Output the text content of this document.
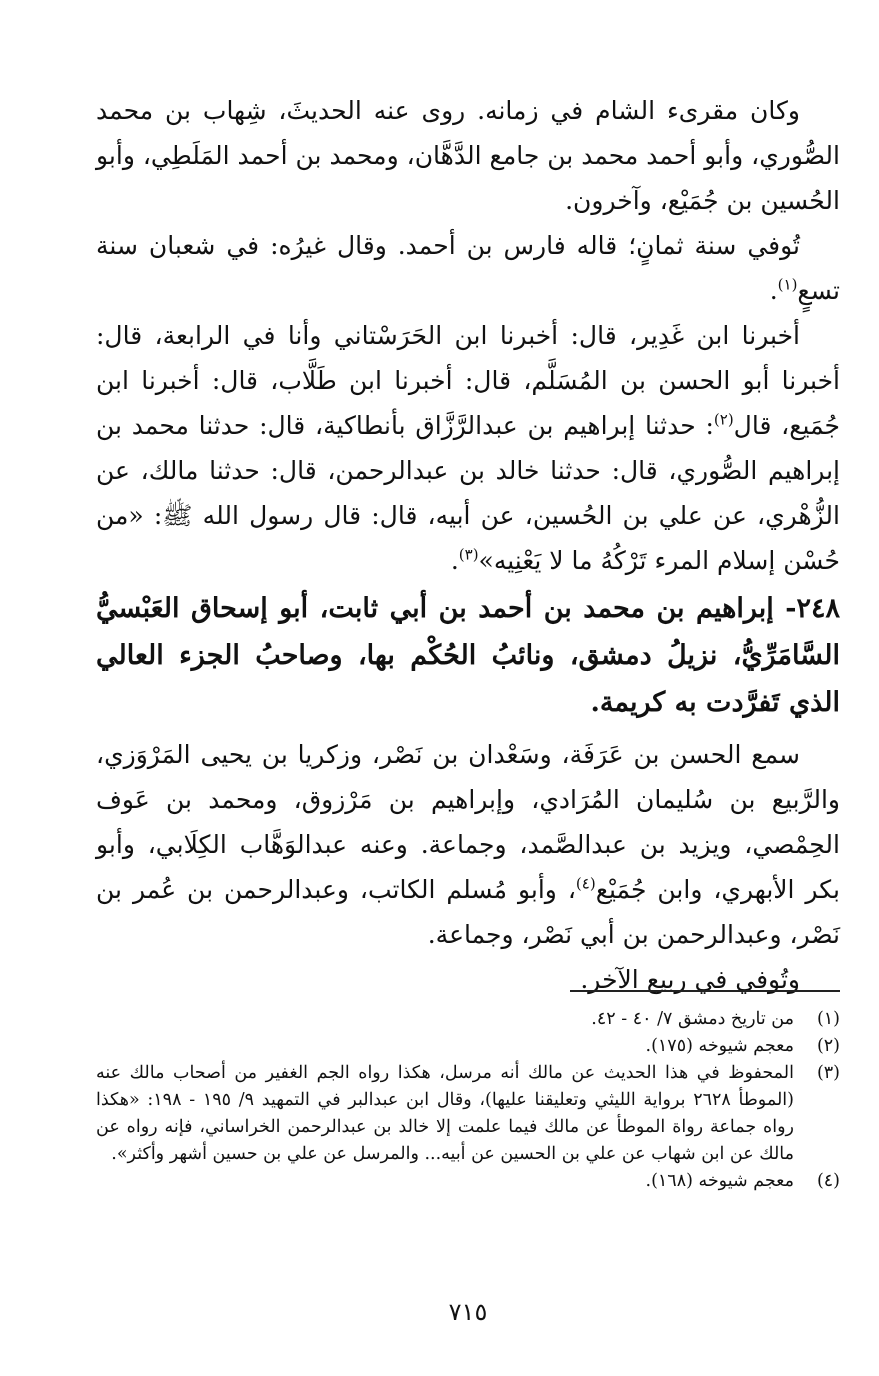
وكان مقرىء الشام في زمانه. روى عنه الحديثَ، شِهاب بن محمد الصُّوري، وأبو أحمد محمد بن جامع الدَّهَّان، ومحمد بن أحمد المَلَطِي، وأبو الحُسين بن جُمَيْع، وآخرون.

تُوفي سنة ثمانٍ؛ قاله فارس بن أحمد. وقال غيرُه: في شعبان سنة تسعٍ$^{(١)}$.

أخبرنا ابن غَدِير، قال: أخبرنا ابن الحَرَسْتاني وأنا في الرابعة، قال: أخبرنا أبو الحسن بن المُسَلَّم، قال: أخبرنا ابن طَلَّاب، قال: أخبرنا ابن جُمَيع، قال$^{(٢)}$: حدثنا إبراهيم بن عبدالرَّزَّاق بأنطاكية، قال: حدثنا محمد بن إبراهيم الصُّوري، قال: حدثنا خالد بن عبدالرحمن، قال: حدثنا مالك، عن الزُّهْري، عن علي بن الحُسين، عن أبيه، قال: قال رسول الله ﷺ: «من حُسْن إسلام المرء تَرْكُهُ ما لا يَعْنِيه»$^{(٣)}$.

٢٤٨- إبراهيم بن محمد بن أحمد بن أبي ثابت، أبو إسحاق العَبْسيُّ السَّامَرِّيُّ، نزيلُ دمشق، ونائبُ الحُكْم بها، وصاحبُ الجزء العالي الذي تَفرَّدت به كريمة.

سمع الحسن بن عَرَفَة، وسَعْدان بن نَصْر، وزكريا بن يحيى المَرْوَزي، والرَّبيع بن سُليمان المُرَادي، وإبراهيم بن مَرْزوق، ومحمد بن عَوف الحِمْصي، ويزيد بن عبدالصَّمد، وجماعة. وعنه عبدالوَهَّاب الكِلَابي، وأبو بكر الأبهري، وابن جُمَيْع$^{(٤)}$، وأبو مُسلم الكاتب، وعبدالرحمن بن عُمر بن نَصْر، وعبدالرحمن بن أبي نَصْر، وجماعة.

وتُوفي في ربيع الآخر.

(١)
من تاريخ دمشق ٧/ ٤٠ - ٤٢.

(٢)
معجم شيوخه (١٧٥).

(٣)
المحفوظ في هذا الحديث عن مالك أنه مرسل، هكذا رواه الجم الغفير من أصحاب مالك عنه (الموطأ ٢٦٢٨ برواية الليثي وتعليقنا عليها)، وقال ابن عبدالبر في التمهيد ٩/ ١٩٥ - ١٩٨: «هكذا رواه جماعة رواة الموطأ عن مالك فيما علمت إلا خالد بن عبدالرحمن الخراساني، فإنه رواه عن مالك عن ابن شهاب عن علي بن الحسين عن أبيه... والمرسل عن علي بن حسين أشهر وأكثر».

(٤)
معجم شيوخه (١٦٨).

٧١٥
